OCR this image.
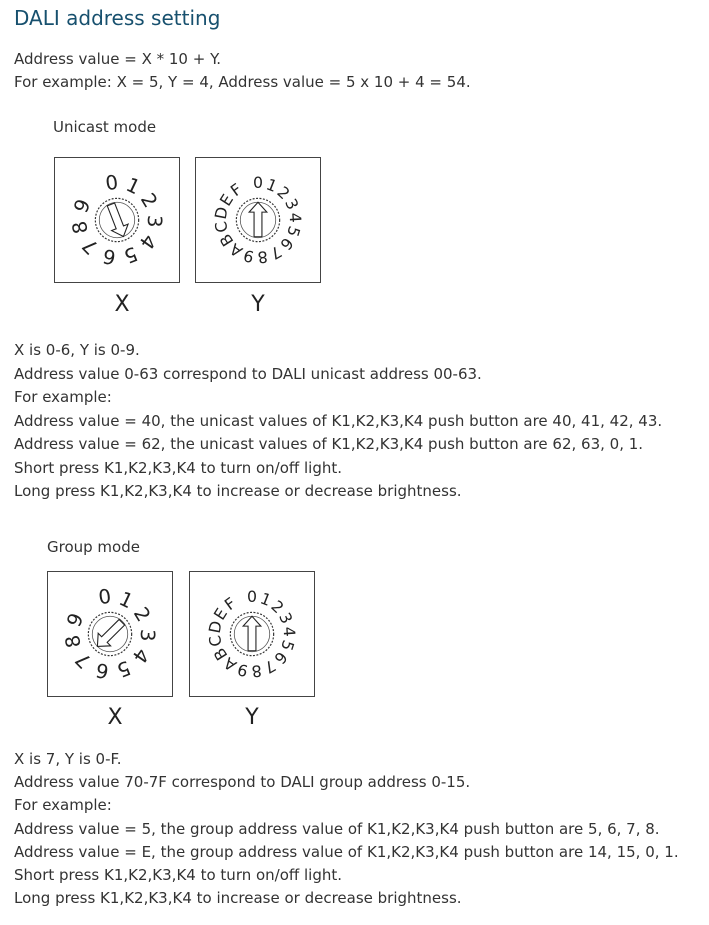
DALI address setting
Address value = X * 10 + Y.
For example: X = 5, Y = 4, Address value = 5 x 10 + 4 = 54.
Unicast mode
0 1
2
3
4
5
6
7
8
9
0 1
2
3
4
5
6
7
8
9
A
B
C
D
E
F
X	Y
X is 0-6, Y is 0-9.
Address value 0-63 correspond to DALI unicast address 00-63.
For example:
Address value = 40, the unicast values of K1,K2,K3,K4 push button are 40, 41, 42, 43.
Address value = 62, the unicast values of K1,K2,K3,K4 push button are 62, 63, 0, 1.
Short press K1,K2,K3,K4 to turn on/off light.
Long press K1,K2,K3,K4 to increase or decrease brightness.
Group mode
0 1
2
3
4
5
6
7
8
9
0 1
2
3
4
5
6
7
8
9
A
B
C
D
E
F
X	Y
X is 7, Y is 0-F.
Address value 70-7F correspond to DALI group address 0-15.
For example:
Address value = 5, the group address value of K1,K2,K3,K4 push button are 5, 6, 7, 8.
Address value = E, the group address value of K1,K2,K3,K4 push button are 14, 15, 0, 1.
Short press K1,K2,K3,K4 to turn on/off light.
Long press K1,K2,K3,K4 to increase or decrease brightness.
